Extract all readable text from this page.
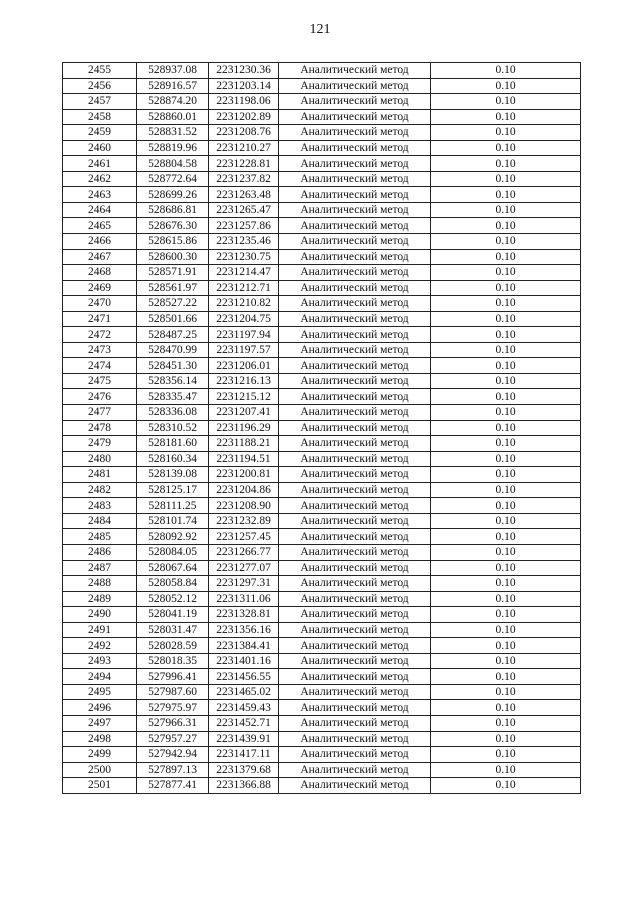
121
2455	528937.08	2231230.36	Аналитический метод	0.10
2456	528916.57	2231203.14	Аналитический метод	0.10
2457	528874.20	2231198.06	Аналитический метод	0.10
2458	528860.01	2231202.89	Аналитический метод	0.10
2459	528831.52	2231208.76	Аналитический метод	0.10
2460	528819.96	2231210.27	Аналитический метод	0.10
2461	528804.58	2231228.81	Аналитический метод	0.10
2462	528772.64	2231237.82	Аналитический метод	0.10
2463	528699.26	2231263.48	Аналитический метод	0.10
2464	528686.81	2231265.47	Аналитический метод	0.10
2465	528676.30	2231257.86	Аналитический метод	0.10
2466	528615.86	2231235.46	Аналитический метод	0.10
2467	528600.30	2231230.75	Аналитический метод	0.10
2468	528571.91	2231214.47	Аналитический метод	0.10
2469	528561.97	2231212.71	Аналитический метод	0.10
2470	528527.22	2231210.82	Аналитический метод	0.10
2471	528501.66	2231204.75	Аналитический метод	0.10
2472	528487.25	2231197.94	Аналитический метод	0.10
2473	528470.99	2231197.57	Аналитический метод	0.10
2474	528451.30	2231206.01	Аналитический метод	0.10
2475	528356.14	2231216.13	Аналитический метод	0.10
2476	528335.47	2231215.12	Аналитический метод	0.10
2477	528336.08	2231207.41	Аналитический метод	0.10
2478	528310.52	2231196.29	Аналитический метод	0.10
2479	528181.60	2231188.21	Аналитический метод	0.10
2480	528160.34	2231194.51	Аналитический метод	0.10
2481	528139.08	2231200.81	Аналитический метод	0.10
2482	528125.17	2231204.86	Аналитический метод	0.10
2483	528111.25	2231208.90	Аналитический метод	0.10
2484	528101.74	2231232.89	Аналитический метод	0.10
2485	528092.92	2231257.45	Аналитический метод	0.10
2486	528084.05	2231266.77	Аналитический метод	0.10
2487	528067.64	2231277.07	Аналитический метод	0.10
2488	528058.84	2231297.31	Аналитический метод	0.10
2489	528052.12	2231311.06	Аналитический метод	0.10
2490	528041.19	2231328.81	Аналитический метод	0.10
2491	528031.47	2231356.16	Аналитический метод	0.10
2492	528028.59	2231384.41	Аналитический метод	0.10
2493	528018.35	2231401.16	Аналитический метод	0.10
2494	527996.41	2231456.55	Аналитический метод	0.10
2495	527987.60	2231465.02	Аналитический метод	0.10
2496	527975.97	2231459.43	Аналитический метод	0.10
2497	527966.31	2231452.71	Аналитический метод	0.10
2498	527957.27	2231439.91	Аналитический метод	0.10
2499	527942.94	2231417.11	Аналитический метод	0.10
2500	527897.13	2231379.68	Аналитический метод	0.10
2501	527877.41	2231366.88	Аналитический метод	0.10
